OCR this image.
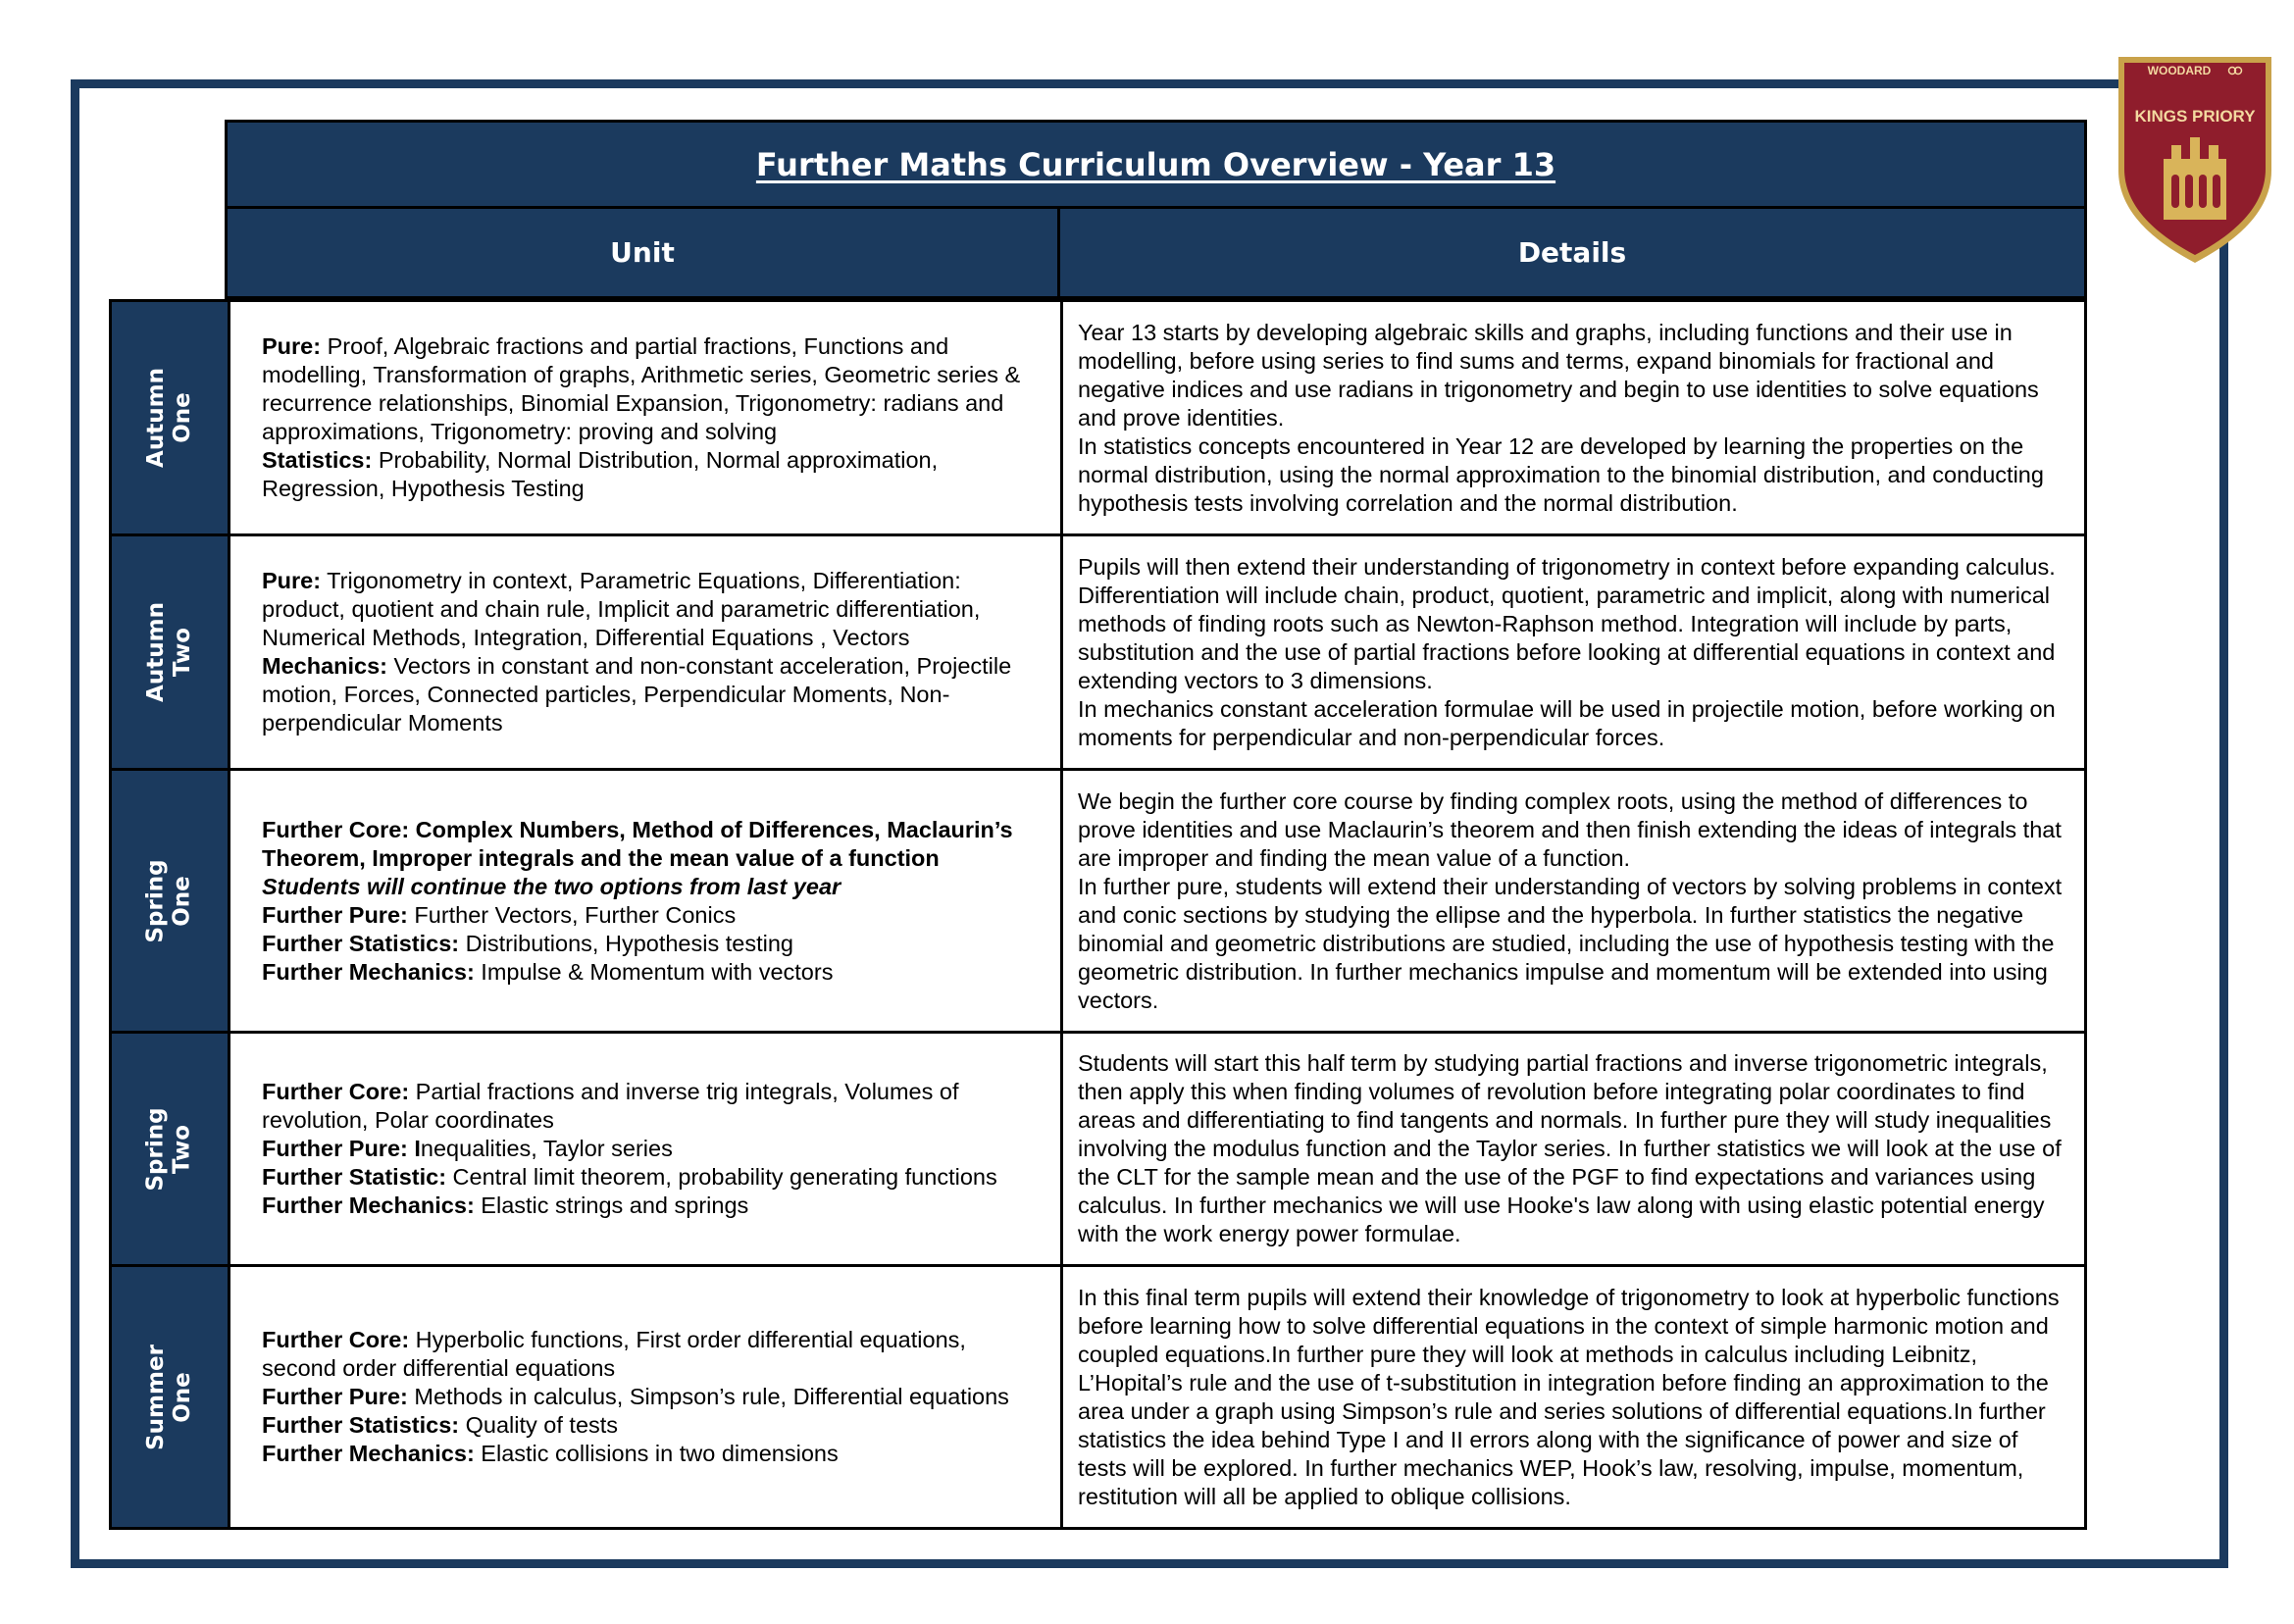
WOODARD
KINGS PRIORY
Further Maths Curriculum Overview - Year 13
Unit	Details
Autumn
One
Pure: Proof, Algebraic fractions and partial fractions, Functions and modelling, Transformation of graphs, Arithmetic series, Geometric series & recurrence relationships, Binomial Expansion, Trigonometry: radians and approximations, Trigonometry: proving and solving
Statistics: Probability, Normal Distribution, Normal approximation, Regression, Hypothesis Testing
Year 13 starts by developing algebraic skills and graphs, including functions and their use in modelling, before using series to find sums and terms, expand binomials for fractional and negative indices and use radians in trigonometry and begin to use identities to solve equations and prove identities.
In statistics concepts encountered in Year 12 are developed by learning the properties on the normal distribution, using the normal approximation to the binomial distribution, and conducting hypothesis tests involving correlation and the normal distribution.
Autumn
Two
Pure: Trigonometry in context, Parametric Equations, Differentiation: product, quotient and chain rule, Implicit and parametric differentiation, Numerical Methods, Integration, Differential Equations , Vectors
Mechanics: Vectors in constant and non-constant acceleration, Projectile motion, Forces, Connected particles, Perpendicular Moments, Non-perpendicular Moments
Pupils will then extend their understanding of trigonometry in context before expanding calculus. Differentiation will include chain, product, quotient, parametric and implicit, along with numerical methods of finding roots such as Newton-Raphson method. Integration will include by parts, substitution and the use of partial fractions before looking at differential equations in context and extending vectors to 3 dimensions.
In mechanics constant acceleration formulae will be used in projectile motion, before working on moments for perpendicular and non-perpendicular forces.
Spring
One
Further Core: Complex Numbers, Method of Differences, Maclaurin’s Theorem, Improper integrals and the mean value of a function
Students will continue the two options from last year
Further Pure: Further Vectors, Further Conics
Further Statistics: Distributions, Hypothesis testing
Further Mechanics: Impulse & Momentum with vectors
We begin the further core course by finding complex roots, using the method of differences to prove identities and use Maclaurin’s theorem and then finish extending the ideas of integrals that are improper and finding the mean value of a function.
In further pure, students will extend their understanding of vectors by solving problems in context and conic sections by studying the ellipse and the hyperbola. In further statistics the negative binomial and geometric distributions are studied, including the use of hypothesis testing with the geometric distribution. In further mechanics impulse and momentum will be extended into using vectors.
Spring
Two
Further Core: Partial fractions and inverse trig integrals, Volumes of revolution, Polar coordinates
Further Pure: Inequalities, Taylor series
Further Statistic: Central limit theorem, probability generating functions
Further Mechanics: Elastic strings and springs
Students will start this half term by studying partial fractions and inverse trigonometric integrals, then apply this when finding volumes of revolution before integrating polar coordinates to find areas and differentiating to find tangents and normals. In further pure they will study inequalities involving the modulus function and the Taylor series. In further statistics we will look at the use of the CLT for the sample mean and the use of the PGF to find expectations and variances using calculus. In further mechanics we will use Hooke's law along with using elastic potential energy with the work energy power formulae.
Summer
One
Further Core: Hyperbolic functions, First order differential equations, second order differential equations
Further Pure: Methods in calculus, Simpson’s rule, Differential equations
Further Statistics: Quality of tests
Further Mechanics: Elastic collisions in two dimensions
In this final term pupils will extend their knowledge of trigonometry to look at hyperbolic functions before learning how to solve differential equations in the context of simple harmonic motion and coupled equations.In further pure they will look at methods in calculus including Leibnitz, L’Hopital’s rule and the use of t-substitution in integration before finding an approximation to the area under a graph using Simpson’s rule and series solutions of differential equations.In further statistics the idea behind Type I and II errors along with the significance of power and size of tests will be explored. In further mechanics WEP, Hook’s law, resolving, impulse, momentum, restitution will all be applied to oblique collisions.
